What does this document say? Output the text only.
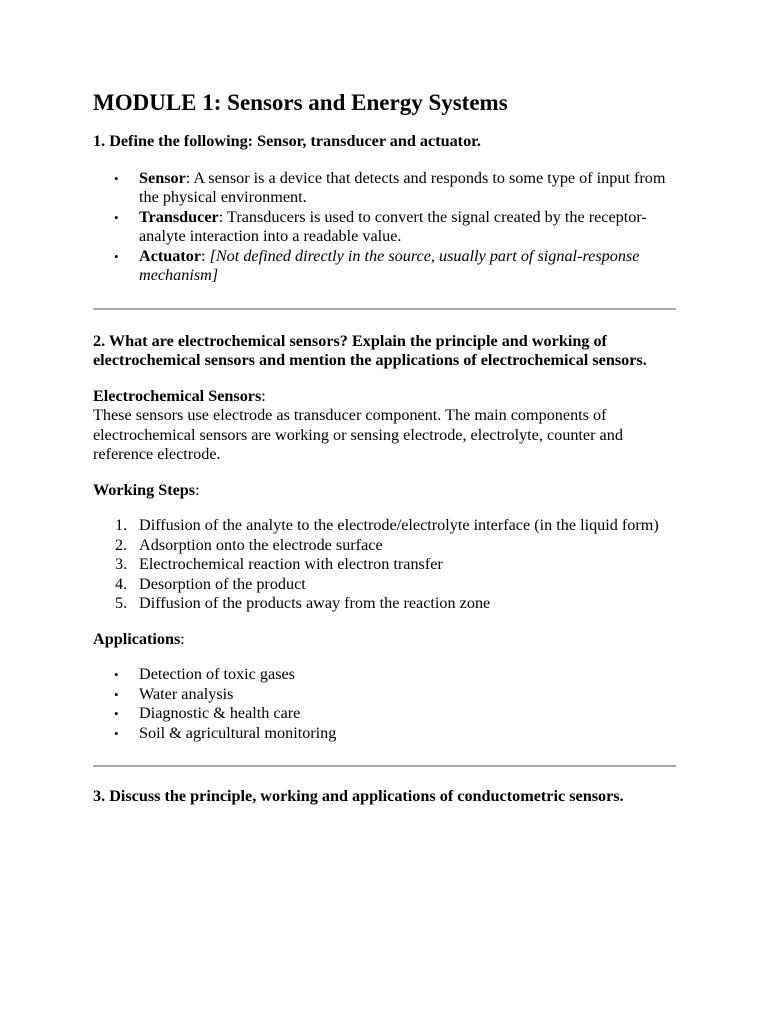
MODULE 1: Sensors and Energy Systems

1. Define the following: Sensor, transducer and actuator.

• Sensor: A sensor is a device that detects and responds to some type of input from the physical environment.
• Transducer: Transducers is used to convert the signal created by the receptor-analyte interaction into a readable value.
• Actuator: [Not defined directly in the source, usually part of signal-response mechanism]

2. What are electrochemical sensors? Explain the principle and working of electrochemical sensors and mention the applications of electrochemical sensors.

Electrochemical Sensors:

These sensors use electrode as transducer component. The main components of electrochemical sensors are working or sensing electrode, electrolyte, counter and reference electrode.

Working Steps:

1. Diffusion of the analyte to the electrode/electrolyte interface (in the liquid form)
2. Adsorption onto the electrode surface
3. Electrochemical reaction with electron transfer
4. Desorption of the product
5. Diffusion of the products away from the reaction zone

Applications:

• Detection of toxic gases
• Water analysis
• Diagnostic & health care
• Soil & agricultural monitoring

3. Discuss the principle, working and applications of conductometric sensors.
